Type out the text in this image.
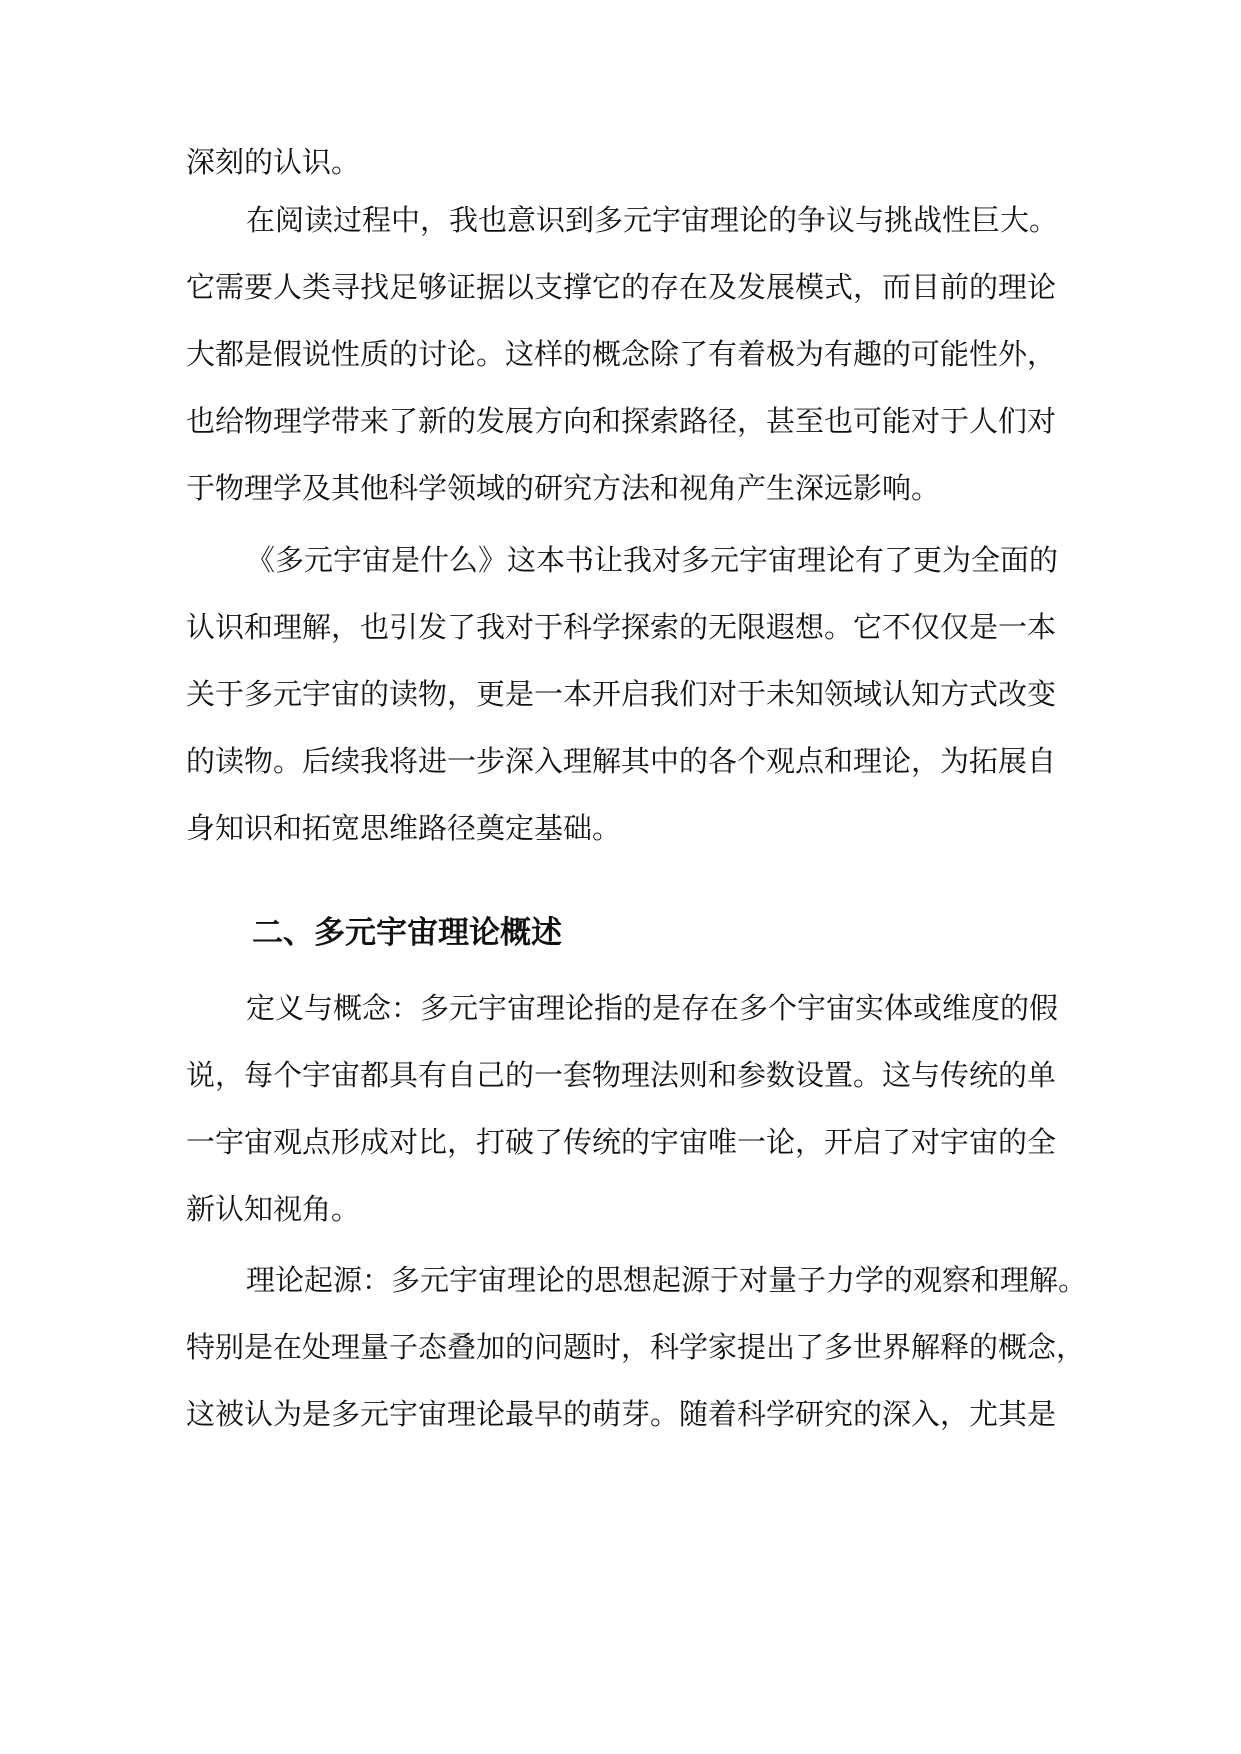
深刻的认识。
在阅读过程中，我也意识到多元宇宙理论的争议与挑战性巨大。
它需要人类寻找足够证据以支撑它的存在及发展模式，而目前的理论
大都是假说性质的讨论。这样的概念除了有着极为有趣的可能性外，
也给物理学带来了新的发展方向和探索路径，甚至也可能对于人们对
于物理学及其他科学领域的研究方法和视角产生深远影响。
《多元宇宙是什么》这本书让我对多元宇宙理论有了更为全面的
认识和理解，也引发了我对于科学探索的无限遐想。它不仅仅是一本
关于多元宇宙的读物，更是一本开启我们对于未知领域认知方式改变
的读物。后续我将进一步深入理解其中的各个观点和理论，为拓展自
身知识和拓宽思维路径奠定基础。
二、多元宇宙理论概述
定义与概念：多元宇宙理论指的是存在多个宇宙实体或维度的假
说，每个宇宙都具有自己的一套物理法则和参数设置。这与传统的单
一宇宙观点形成对比，打破了传统的宇宙唯一论，开启了对宇宙的全
新认知视角。
理论起源：多元宇宙理论的思想起源于对量子力学的观察和理解。
特别是在处理量子态叠加的问题时，科学家提出了多世界解释的概念，
这被认为是多元宇宙理论最早的萌芽。随着科学研究的深入，尤其是
